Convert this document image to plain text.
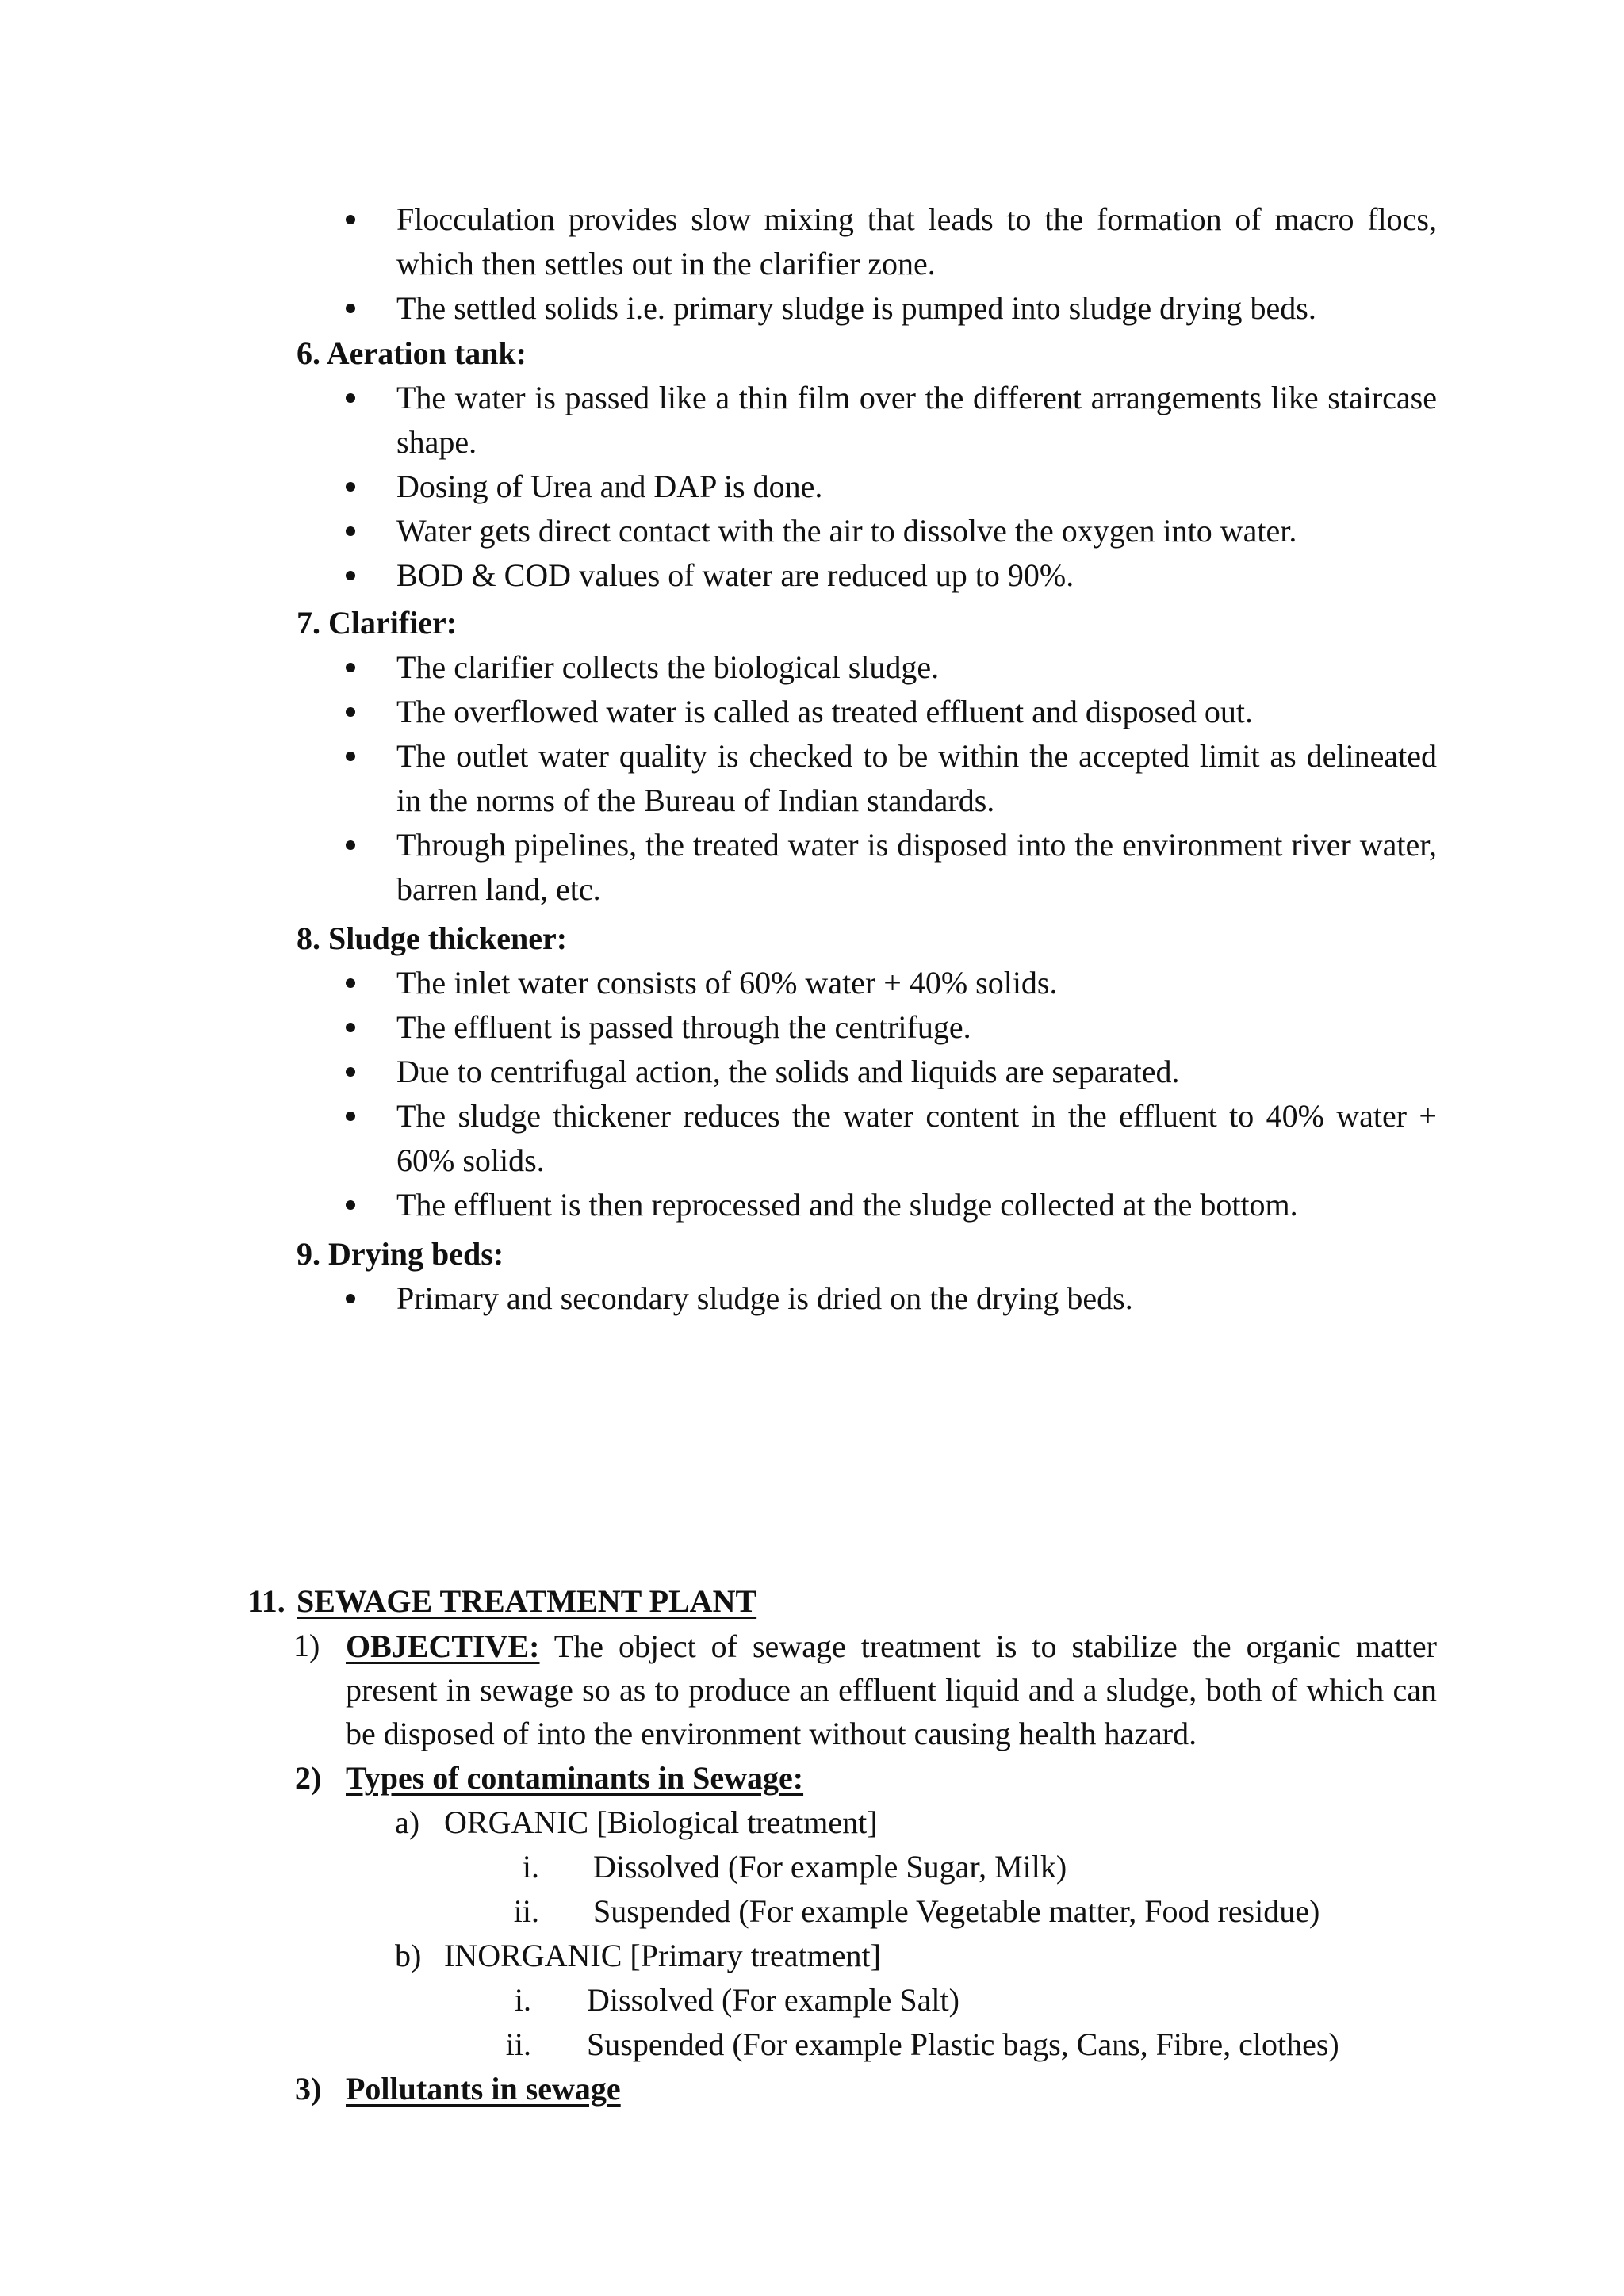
Flocculation provides slow mixing that leads to the formation of macro flocs, which then settles out in the clarifier zone.
The settled solids i.e. primary sludge is pumped into sludge drying beds.
6. Aeration tank:
The water is passed like a thin film over the different arrangements like staircase shape.
Dosing of Urea and DAP is done.
Water gets direct contact with the air to dissolve the oxygen into water.
BOD & COD values of water are reduced up to 90%.
7. Clarifier:
The clarifier collects the biological sludge.
The overflowed water is called as treated effluent and disposed out.
The outlet water quality is checked to be within the accepted limit as delineated in the norms of the Bureau of Indian standards.
Through pipelines, the treated water is disposed into the environment river water, barren land, etc.
8. Sludge thickener:
The inlet water consists of 60% water + 40% solids.
The effluent is passed through the centrifuge.
Due to centrifugal action, the solids and liquids are separated.
The sludge thickener reduces the water content in the effluent to 40% water + 60% solids.
The effluent is then reprocessed and the sludge collected at the bottom.
9. Drying beds:
Primary and secondary sludge is dried on the drying beds.
11. SEWAGE TREATMENT PLANT
1) OBJECTIVE: The object of sewage treatment is to stabilize the organic matter present in sewage so as to produce an effluent liquid and a sludge, both of which can be disposed of into the environment without causing health hazard.
2) Types of contaminants in Sewage:
a) ORGANIC [Biological treatment]
i. Dissolved (For example Sugar, Milk)
ii. Suspended (For example Vegetable matter, Food residue)
b) INORGANIC [Primary treatment]
i. Dissolved (For example Salt)
ii. Suspended (For example Plastic bags, Cans, Fibre, clothes)
3) Pollutants in sewage
